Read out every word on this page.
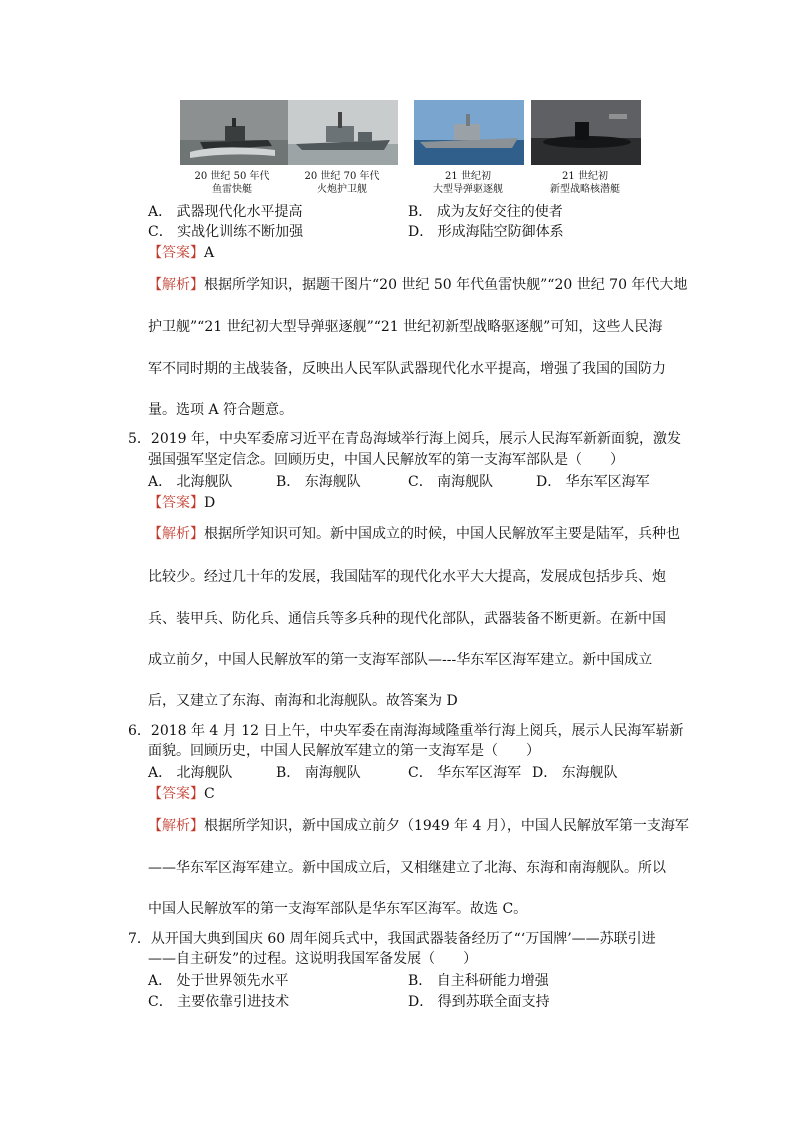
20 世纪 50 年代
鱼雷快艇
20 世纪 70 年代
火炮护卫舰
21 世纪初
大型导弹驱逐舰
21 世纪初
新型战略核潜艇
A． 武器现代化水平提高	B． 成为友好交往的使者
C． 实战化训练不断加强	D． 形成海陆空防御体系
【答案】A
【解析】根据所学知识，据题干图片“20 世纪 50 年代鱼雷快舰”“20 世纪 70 年代大地
护卫舰”“21 世纪初大型导弹驱逐舰”“21 世纪初新型战略驱逐舰”可知，这些人民海
军不同时期的主战装备，反映出人民军队武器现代化水平提高，增强了我国的国防力
量。选项 A 符合题意。
5．2019 年，中央军委席习近平在青岛海域举行海上阅兵，展示人民海军新新面貌，激发
强国强军坚定信念。回顾历史，中国人民解放军的第一支海军部队是（　　）
A． 北海舰队	B． 东海舰队	C． 南海舰队	D． 华东军区海军
【答案】D
【解析】根据所学知识可知。新中国成立的时候，中国人民解放军主要是陆军，兵种也
比较少。经过几十年的发展，我国陆军的现代化水平大大提高，发展成包括步兵、炮
兵、装甲兵、防化兵、通信兵等多兵种的现代化部队，武器装备不断更新。在新中国
成立前夕，中国人民解放军的第一支海军部队—---华东军区海军建立。新中国成立
后，又建立了东海、南海和北海舰队。故答案为 D
6．2018 年 4 月 12 日上午，中央军委在南海海域隆重举行海上阅兵，展示人民海军崭新
面貌。回顾历史，中国人民解放军建立的第一支海军是（　　）
A． 北海舰队	B． 南海舰队	C． 华东军区海军 D． 东海舰队
【答案】C
【解析】根据所学知识，新中国成立前夕（1949 年 4 月），中国人民解放军第一支海军
——华东军区海军建立。新中国成立后，又相继建立了北海、东海和南海舰队。所以
中国人民解放军的第一支海军部队是华东军区海军。故选 C。
7．从开国大典到国庆 60 周年阅兵式中，我国武器装备经历了“‘万国牌’——苏联引进
——自主研发”的过程。这说明我国军备发展（　　）
A． 处于世界领先水平	B． 自主科研能力增强
C． 主要依靠引进技术	D． 得到苏联全面支持
